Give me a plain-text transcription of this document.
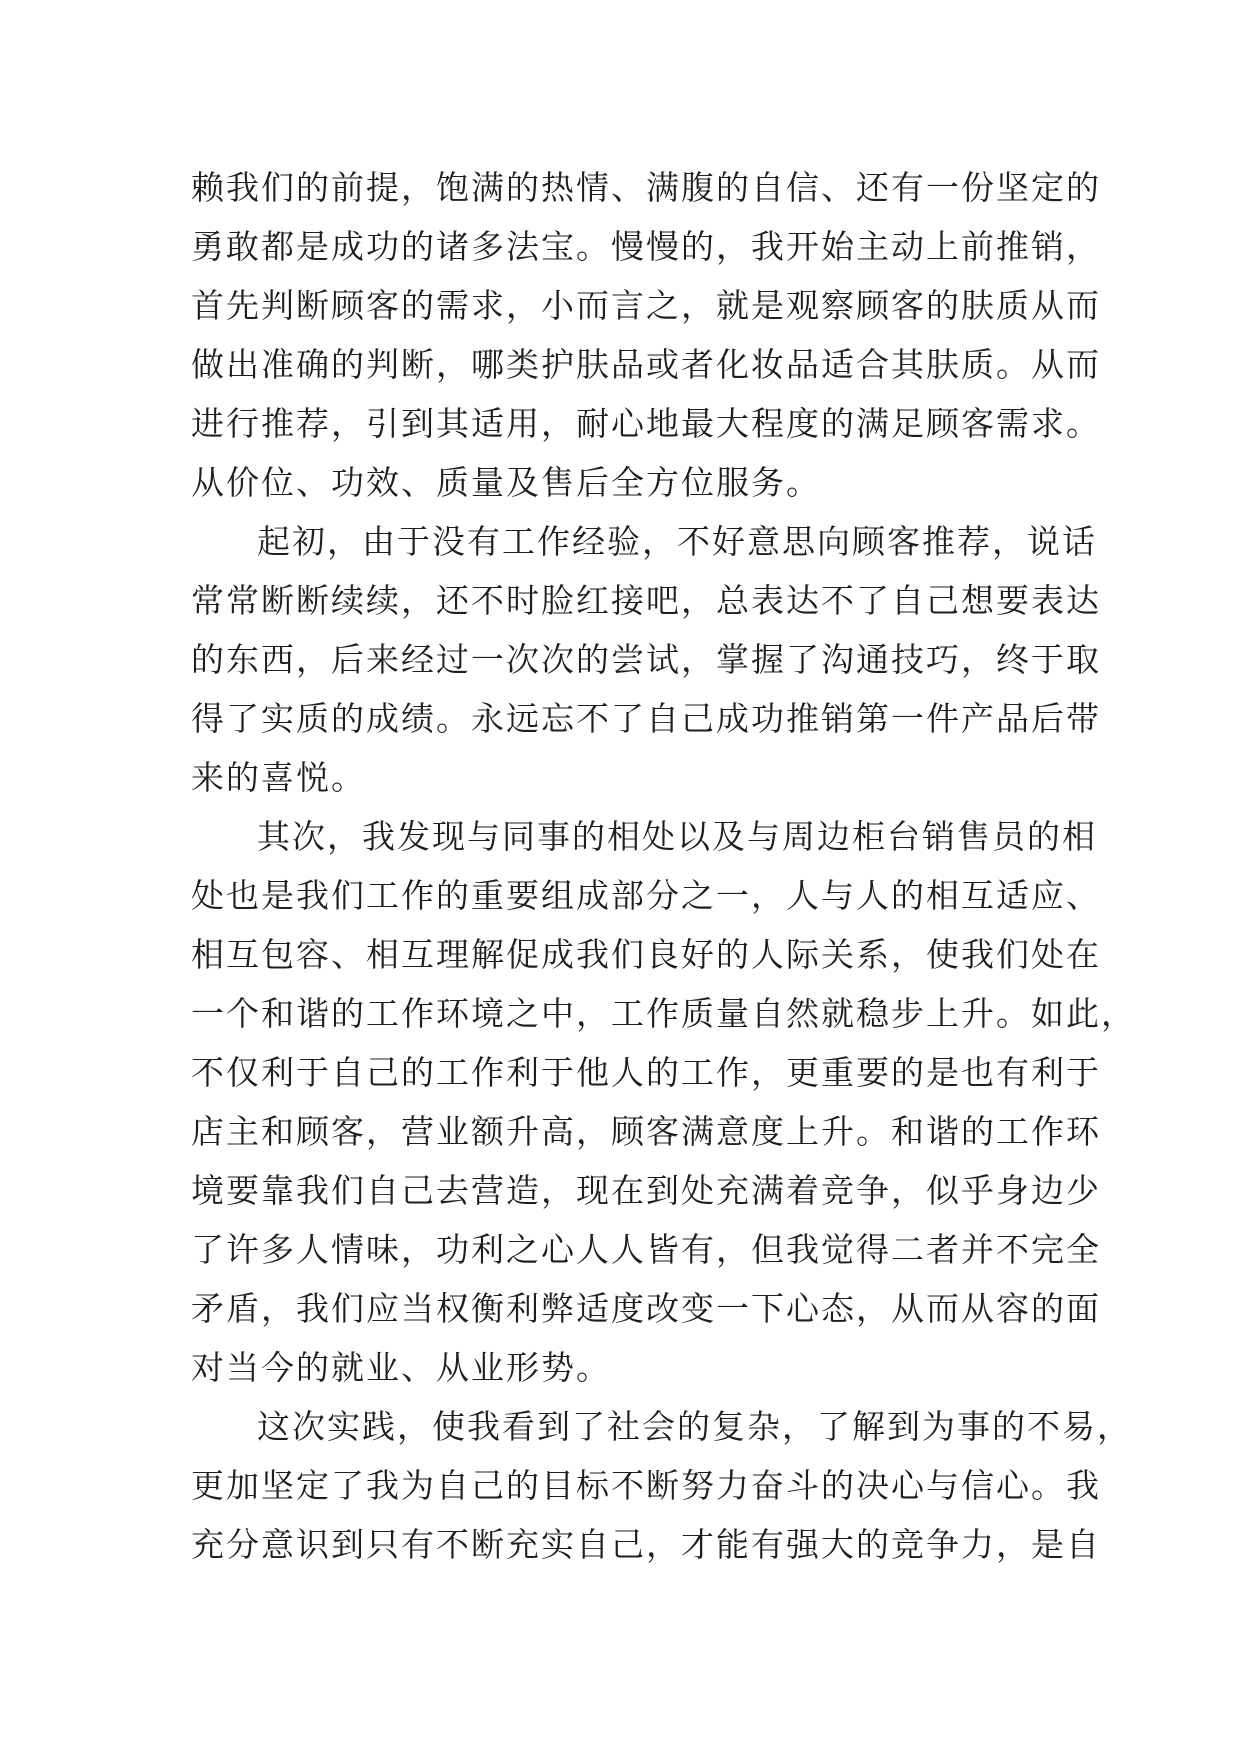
赖我们的前提，饱满的热情、满腹的自信、还有一份坚定的
勇敢都是成功的诸多法宝。慢慢的，我开始主动上前推销，
首先判断顾客的需求，小而言之，就是观察顾客的肤质从而
做出准确的判断，哪类护肤品或者化妆品适合其肤质。从而
进行推荐，引到其适用，耐心地最大程度的满足顾客需求。
从价位、功效、质量及售后全方位服务。
起初，由于没有工作经验，不好意思向顾客推荐，说话
常常断断续续，还不时脸红接吧，总表达不了自己想要表达
的东西，后来经过一次次的尝试，掌握了沟通技巧，终于取
得了实质的成绩。永远忘不了自己成功推销第一件产品后带
来的喜悦。
其次，我发现与同事的相处以及与周边柜台销售员的相
处也是我们工作的重要组成部分之一，人与人的相互适应、
相互包容、相互理解促成我们良好的人际关系，使我们处在
一个和谐的工作环境之中，工作质量自然就稳步上升。如此，
不仅利于自己的工作利于他人的工作，更重要的是也有利于
店主和顾客，营业额升高，顾客满意度上升。和谐的工作环
境要靠我们自己去营造，现在到处充满着竞争，似乎身边少
了许多人情味，功利之心人人皆有，但我觉得二者并不完全
矛盾，我们应当权衡利弊适度改变一下心态，从而从容的面
对当今的就业、从业形势。
这次实践，使我看到了社会的复杂，了解到为事的不易，
更加坚定了我为自己的目标不断努力奋斗的决心与信心。我
充分意识到只有不断充实自己，才能有强大的竞争力，是自
